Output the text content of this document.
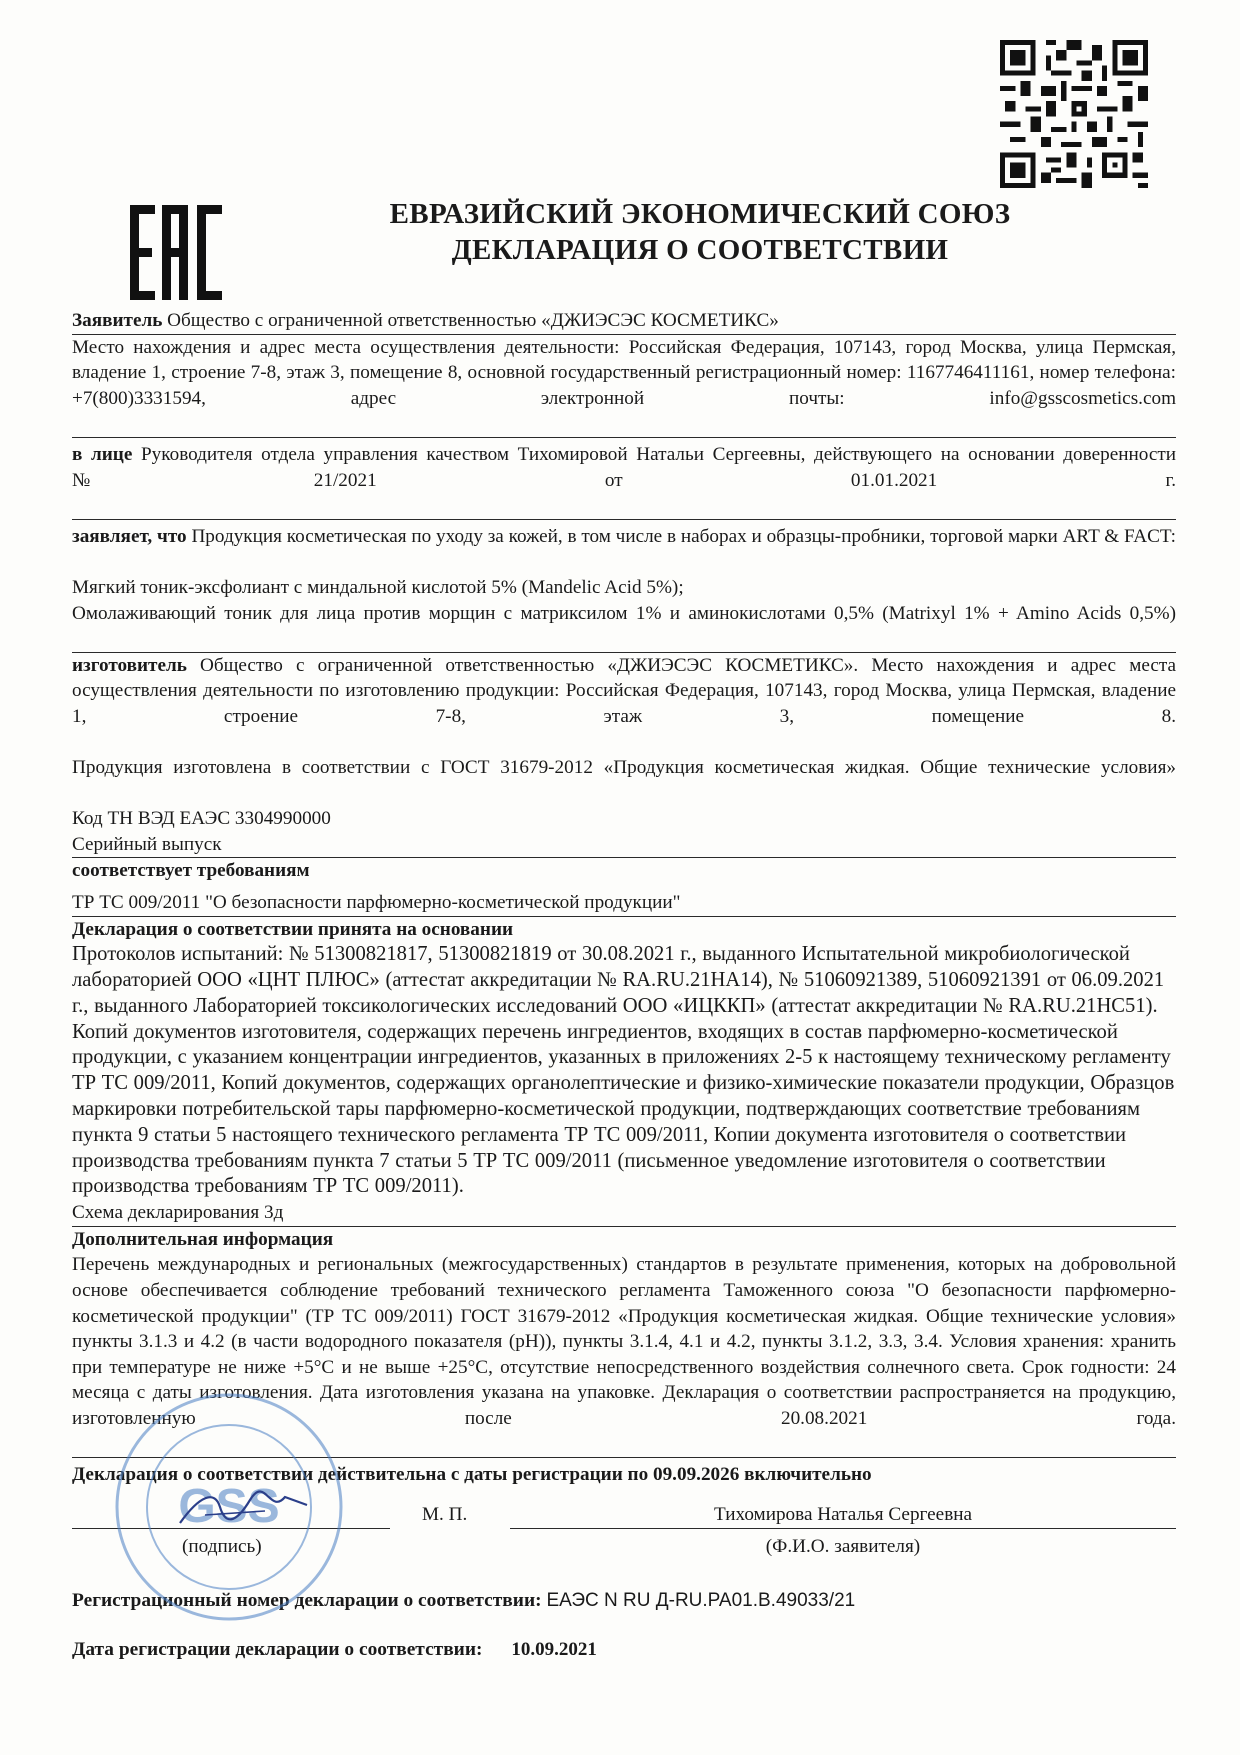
ЕВРАЗИЙСКИЙ ЭКОНОМИЧЕСКИЙ СОЮЗ
ДЕКЛАРАЦИЯ О СООТВЕТСТВИИ
Заявитель Общество с ограниченной ответственностью «ДЖИЭСЭС КОСМЕТИКС»
Место нахождения и адрес места осуществления деятельности: Российская Федерация, 107143, город Москва, улица Пермская, владение 1, строение 7-8, этаж 3, помещение 8, основной государственный регистрационный номер: 1167746411161, номер телефона: +7(800)3331594, адрес электронной почты: info@gsscosmetics.com
в лице Руководителя отдела управления качеством Тихомировой Натальи Сергеевны, действующего на основании доверенности №21/2021 от 01.01.2021 г.
заявляет, что Продукция косметическая по уходу за кожей, в том числе в наборах и образцы-пробники, торговой марки ART & FACT:
Мягкий тоник-эксфолиант с миндальной кислотой 5% (Mandelic Acid 5%);
Омолаживающий тоник для лица против морщин с матриксилом 1% и аминокислотами 0,5% (Matrixyl 1% + Amino Acids 0,5%)
изготовитель Общество с ограниченной ответственностью «ДЖИЭСЭС КОСМЕТИКС». Место нахождения и адрес места осуществления деятельности по изготовлению продукции: Российская Федерация, 107143, город Москва, улица Пермская, владение 1, строение 7-8, этаж 3, помещение 8.
Продукция изготовлена в соответствии с ГОСТ 31679-2012 «Продукция косметическая жидкая. Общие технические условия»
Код ТН ВЭД ЕАЭС 3304990000
Серийный выпуск
соответствует требованиям
ТР ТС 009/2011 "О безопасности парфюмерно-косметической продукции"
Декларация о соответствии принята на основании
Протоколов испытаний: № 51300821817, 51300821819 от 30.08.2021 г., выданного Испытательной микробиологической лабораторией ООО «ЦНТ ПЛЮС» (аттестат аккредитации № RA.RU.21НА14), № 51060921389, 51060921391 от 06.09.2021 г., выданного Лабораторией токсикологических исследований ООО «ИЦККП» (аттестат аккредитации № RA.RU.21НС51). Копий документов изготовителя, содержащих перечень ингредиентов, входящих в состав парфюмерно-косметической продукции, с указанием концентрации ингредиентов, указанных в приложениях 2-5 к настоящему техническому регламенту ТР ТС 009/2011, Копий документов, содержащих органолептические и физико-химические показатели продукции, Образцов маркировки потребительской тары парфюмерно-косметической продукции, подтверждающих соответствие требованиям пункта 9 статьи 5 настоящего технического регламента ТР ТС 009/2011, Копии документа изготовителя о соответствии производства требованиям пункта 7 статьи 5 ТР ТС 009/2011 (письменное уведомление изготовителя о соответствии производства требованиям ТР ТС 009/2011).
Схема декларирования 3д
Дополнительная информация
Перечень международных и региональных (межгосударственных) стандартов в результате применения, которых на добровольной основе обеспечивается соблюдение требований технического регламента Таможенного союза "О безопасности парфюмерно-косметической продукции" (ТР ТС 009/2011) ГОСТ 31679-2012 «Продукция косметическая жидкая. Общие технические условия» пункты 3.1.3 и 4.2 (в части водородного показателя (pH)), пункты 3.1.4, 4.1 и 4.2, пункты 3.1.2, 3.3, 3.4. Условия хранения: хранить при температуре не ниже +5°С и не выше +25°С, отсутствие непосредственного воздействия солнечного света. Срок годности: 24 месяца с даты изготовления. Дата изготовления указана на упаковке. Декларация о соответствии распространяется на продукцию, изготовленную после 20.08.2021 года.
Декларация о соответствии действительна с даты регистрации по 09.09.2026 включительно
(подпись)
М. П.	Тихомирова Наталья Сергеевна
(Ф.И.О. заявителя)
Регистрационный номер декларации о соответствии: ЕАЭС N RU Д-RU.PA01.В.49033/21
Дата регистрации декларации о соответствии: 10.09.2021
GSS
